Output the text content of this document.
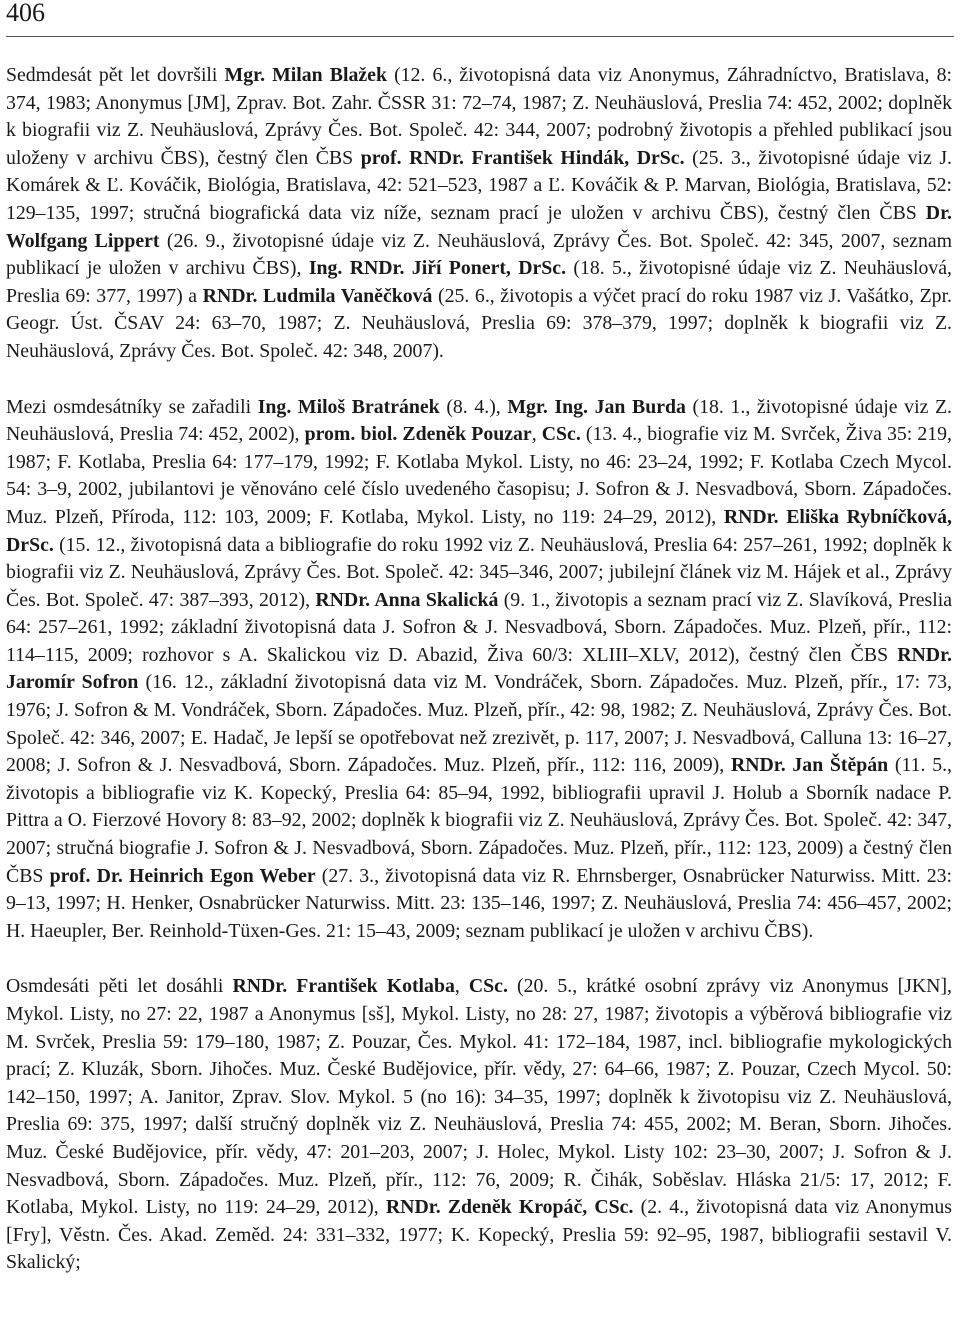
406

Sedmdesát pět let dovršili Mgr. Milan Blažek (12. 6., životopisná data viz Anonymus, Záhradníctvo, Bratislava, 8: 374, 1983; Anonymus [JM], Zprav. Bot. Zahr. ČSSR 31: 72–74, 1987; Z. Neuhäuslová, Preslia 74: 452, 2002; doplněk k biografii viz Z. Neuhäuslová, Zprávy Čes. Bot. Společ. 42: 344, 2007; podrobný životopis a přehled publikací jsou uloženy v archivu ČBS), čestný člen ČBS prof. RNDr. František Hindák, DrSc. (25. 3., životopisné údaje viz J. Komárek & Ľ. Kováčik, Biológia, Bratislava, 42: 521–523, 1987 a Ľ. Kováčik & P. Marvan, Biológia, Bratislava, 52: 129–135, 1997; stručná biografická data viz níže, seznam prací je uložen v archivu ČBS), čestný člen ČBS Dr. Wolfgang Lippert (26. 9., životopisné údaje viz Z. Neuhäuslová, Zprávy Čes. Bot. Společ. 42: 345, 2007, seznam publikací je uložen v archivu ČBS), Ing. RNDr. Jiří Ponert, DrSc. (18. 5., životopisné údaje viz Z. Neuhäuslová, Preslia 69: 377, 1997) a RNDr. Ludmila Vaněčková (25. 6., životopis a výčet prací do roku 1987 viz J. Vašátko, Zpr. Geogr. Úst. ČSAV 24: 63–70, 1987; Z. Neuhäuslová, Preslia 69: 378–379, 1997; doplněk k biografii viz Z. Neuhäuslová, Zprávy Čes. Bot. Společ. 42: 348, 2007).

Mezi osmdesátníky se zařadili Ing. Miloš Bratránek (8. 4.), Mgr. Ing. Jan Burda (18. 1., životopisné údaje viz Z. Neuhäuslová, Preslia 74: 452, 2002), prom. biol. Zdeněk Pouzar, CSc. (13. 4., biografie viz M. Svrček, Živa 35: 219, 1987; F. Kotlaba, Preslia 64: 177–179, 1992; F. Kotlaba Mykol. Listy, no 46: 23–24, 1992; F. Kotlaba Czech Mycol. 54: 3–9, 2002, jubilantovi je věnováno celé číslo uvedeného časopisu; J. Sofron & J. Nesvadbová, Sborn. Západočes. Muz. Plzeň, Příroda, 112: 103, 2009; F. Kotlaba, Mykol. Listy, no 119: 24–29, 2012), RNDr. Eliška Rybníčková, DrSc. (15. 12., životopisná data a bibliografie do roku 1992 viz Z. Neuhäuslová, Preslia 64: 257–261, 1992; doplněk k biografii viz Z. Neuhäuslová, Zprávy Čes. Bot. Společ. 42: 345–346, 2007; jubilejní článek viz M. Hájek et al., Zprávy Čes. Bot. Společ. 47: 387–393, 2012), RNDr. Anna Skalická (9. 1., životopis a seznam prací viz Z. Slavíková, Preslia 64: 257–261, 1992; základní životopisná data J. Sofron & J. Nesvadbová, Sborn. Západočes. Muz. Plzeň, přír., 112: 114–115, 2009; rozhovor s A. Skalickou viz D. Abazid, Živa 60/3: XLIII–XLV, 2012), čestný člen ČBS RNDr. Jaromír Sofron (16. 12., základní životopisná data viz M. Vondráček, Sborn. Západočes. Muz. Plzeň, přír., 17: 73, 1976; J. Sofron & M. Vondráček, Sborn. Západočes. Muz. Plzeň, přír., 42: 98, 1982; Z. Neuhäuslová, Zprávy Čes. Bot. Společ. 42: 346, 2007; E. Hadač, Je lepší se opotřebovat než zrezivět, p. 117, 2007; J. Nesvadbová, Calluna 13: 16–27, 2008; J. Sofron & J. Nesvadbová, Sborn. Západočes. Muz. Plzeň, přír., 112: 116, 2009), RNDr. Jan Štěpán (11. 5., životopis a bibliografie viz K. Kopecký, Preslia 64: 85–94, 1992, bibliografii upravil J. Holub a Sborník nadace P. Pittra a O. Fierzové Hovory 8: 83–92, 2002; doplněk k biografii viz Z. Neuhäuslová, Zprávy Čes. Bot. Společ. 42: 347, 2007; stručná biografie J. Sofron & J. Nesvadbová, Sborn. Západočes. Muz. Plzeň, přír., 112: 123, 2009) a čestný člen ČBS prof. Dr. Heinrich Egon Weber (27. 3., životopisná data viz R. Ehrnsberger, Osnabrücker Naturwiss. Mitt. 23: 9–13, 1997; H. Henker, Osnabrücker Naturwiss. Mitt. 23: 135–146, 1997; Z. Neuhäuslová, Preslia 74: 456–457, 2002; H. Haeupler, Ber. Reinhold-Tüxen-Ges. 21: 15–43, 2009; seznam publikací je uložen v archivu ČBS).

Osmdesáti pěti let dosáhli RNDr. František Kotlaba, CSc. (20. 5., krátké osobní zprávy viz Anonymus [JKN], Mykol. Listy, no 27: 22, 1987 a Anonymus [sš], Mykol. Listy, no 28: 27, 1987; životopis a výběrová bibliografie viz M. Svrček, Preslia 59: 179–180, 1987; Z. Pouzar, Čes. Mykol. 41: 172–184, 1987, incl. bibliografie mykologických prací; Z. Kluzák, Sborn. Jihočes. Muz. České Budějovice, přír. vědy, 27: 64–66, 1987; Z. Pouzar, Czech Mycol. 50: 142–150, 1997; A. Janitor, Zprav. Slov. Mykol. 5 (no 16): 34–35, 1997; doplněk k životopisu viz Z. Neuhäuslová, Preslia 69: 375, 1997; další stručný doplněk viz Z. Neuhäuslová, Preslia 74: 455, 2002; M. Beran, Sborn. Jihočes. Muz. České Budějovice, přír. vědy, 47: 201–203, 2007; J. Holec, Mykol. Listy 102: 23–30, 2007; J. Sofron & J. Nesvadbová, Sborn. Západočes. Muz. Plzeň, přír., 112: 76, 2009; R. Čihák, Soběslav. Hláska 21/5: 17, 2012; F. Kotlaba, Mykol. Listy, no 119: 24–29, 2012), RNDr. Zdeněk Kropáč, CSc. (2. 4., životopisná data viz Anonymus [Fry], Věstn. Čes. Akad. Zeměd. 24: 331–332, 1977; K. Kopecký, Preslia 59: 92–95, 1987, bibliografii sestavil V. Skalický;
